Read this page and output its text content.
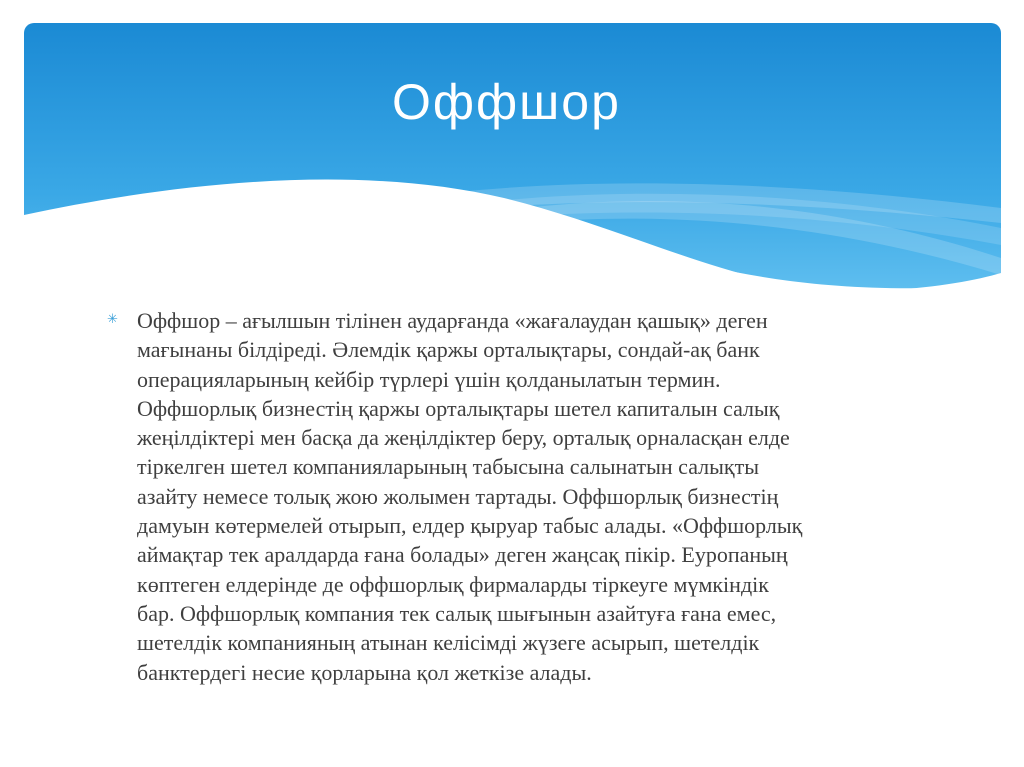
Оффшор
✳ Оффшор – ағылшын тілінен аударғанда «жағалаудан қашық» деген
мағынаны білдіреді. Әлемдік қаржы орталықтары, сондай-ақ банк
операцияларының кейбір түрлері үшін қолданылатын термин.
Оффшорлық бизнестің қаржы орталықтары шетел капиталын салық
жеңілдіктері мен басқа да жеңілдіктер беру, орталық орналасқан елде
тіркелген шетел компанияларының табысына салынатын салықты
азайту немесе толық жою жолымен тартады. Оффшорлық бизнестің
дамуын көтермелей отырып, елдер қыруар табыс алады. «Оффшорлық
аймақтар тек аралдарда ғана болады» деген жаңсақ пікір. Еуропаның
көптеген елдерінде де оффшорлық фирмаларды тіркеуге мүмкіндік
бар. Оффшорлық компания тек салық шығынын азайтуға ғана емес,
шетелдік компанияның атынан келісімді жүзеге асырып, шетелдік
банктердегі несие қорларына қол жеткізе алады.
